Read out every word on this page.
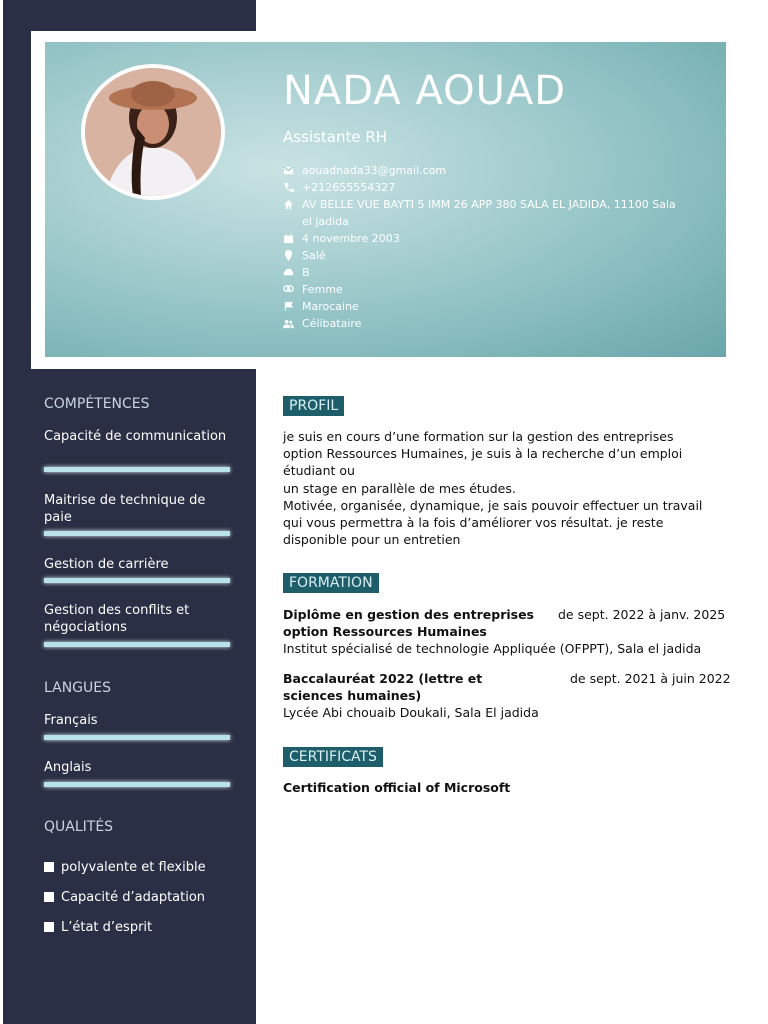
NADA AOUAD
Assistante RH
aouadnada33@gmail.com
+212655554327
AV BELLE VUE BAYTI 5 IMM 26 APP 380 SALA EL JADIDA, 11100 Sala el jadida
4 novembre 2003
Salé
B
Femme
Marocaine
Célibataire
COMPÉTENCES
Capacité de communication
Maitrise de technique de paie
Gestion de carrière
Gestion des conflits et négociations
LANGUES
Français
Anglais
QUALITÉS
polyvalente et flexible
Capacité d’adaptation
L’état d’esprit
PROFIL
je suis en cours d’une formation sur la gestion des entreprises
option Ressources Humaines, je suis à la recherche d’un emploi
étudiant ou
un stage en parallèle de mes études.
Motivée, organisée, dynamique, je sais pouvoir effectuer un travail
qui vous permettra à la fois d’améliorer vos résultat. je reste
disponible pour un entretien
FORMATION
Diplôme en gestion des entreprises option Ressources Humaines
de sept. 2022 à janv. 2025
Institut spécialisé de technologie Appliquée (OFPPT), Sala el jadida
Baccalauréat 2022 (lettre et sciences humaines)
de sept. 2021 à juin 2022
Lycée Abi chouaib Doukali, Sala El jadida
CERTIFICATS
Certification official of Microsoft
